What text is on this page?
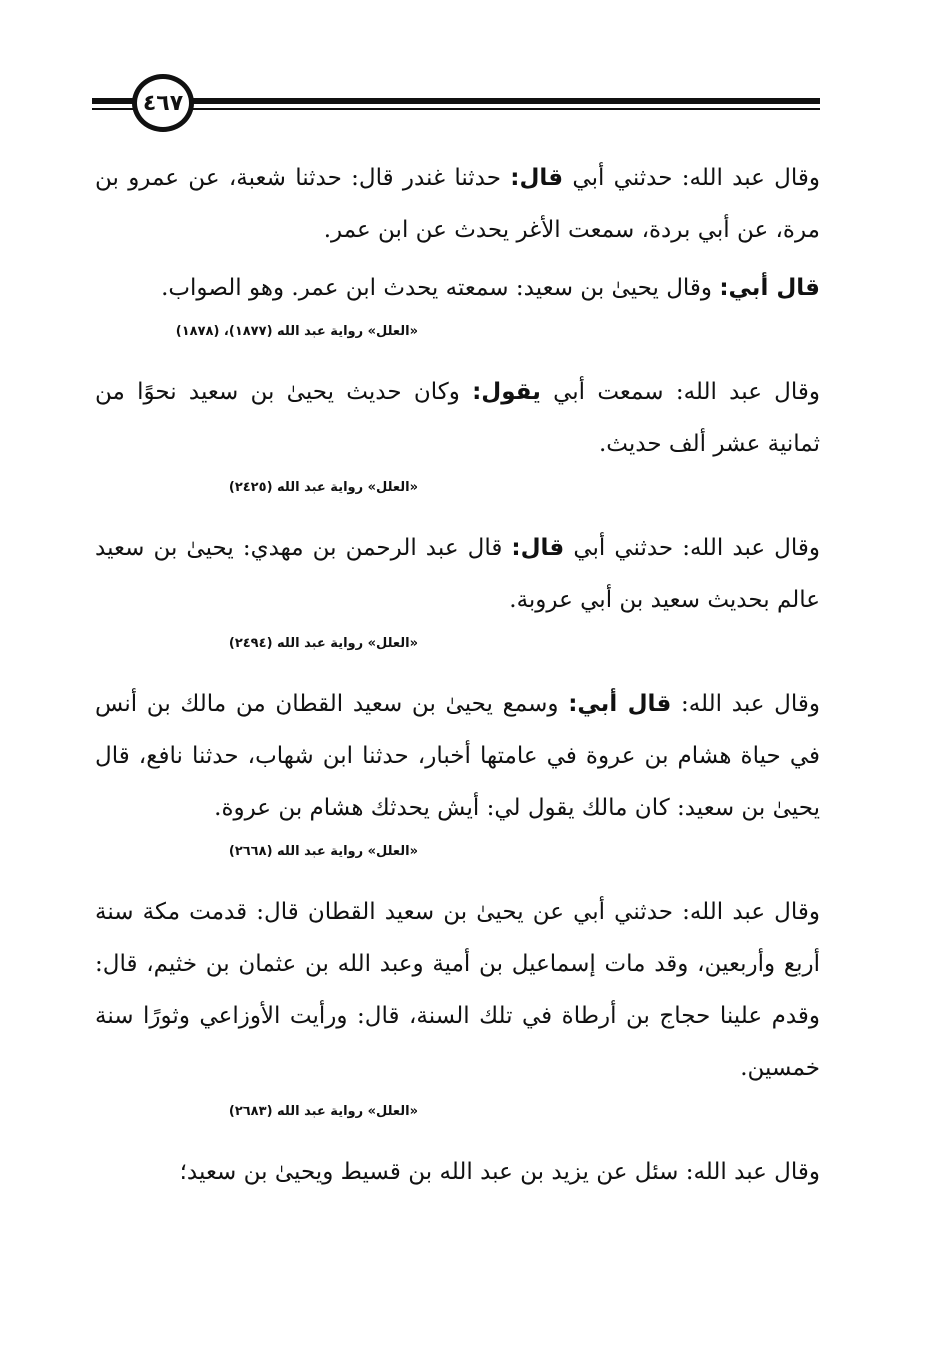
٤٦٧

وقال عبد الله: حدثني أبي قال: حدثنا غندر قال: حدثنا شعبة، عن عمرو بن مرة، عن أبي بردة، سمعت الأغر يحدث عن ابن عمر.

قال أبي: وقال يحيىٰ بن سعيد: سمعته يحدث ابن عمر. وهو الصواب.

«العلل» رواية عبد الله (١٨٧٧)، (١٨٧٨)

وقال عبد الله: سمعت أبي يقول: وكان حديث يحيىٰ بن سعيد نحوًا من ثمانية عشر ألف حديث.

«العلل» رواية عبد الله (٢٤٢٥)

وقال عبد الله: حدثني أبي قال: قال عبد الرحمن بن مهدي: يحيىٰ بن سعيد عالم بحديث سعيد بن أبي عروبة.

«العلل» رواية عبد الله (٢٤٩٤)

وقال عبد الله: قال أبي: وسمع يحيىٰ بن سعيد القطان من مالك بن أنس في حياة هشام بن عروة في عامتها أخبار، حدثنا ابن شهاب، حدثنا نافع، قال يحيىٰ بن سعيد: كان مالك يقول لي: أيش يحدثك هشام بن عروة.

«العلل» رواية عبد الله (٢٦٦٨)

وقال عبد الله: حدثني أبي عن يحيىٰ بن سعيد القطان قال: قدمت مكة سنة أربع وأربعين، وقد مات إسماعيل بن أمية وعبد الله بن عثمان بن خثيم، قال: وقدم علينا حجاج بن أرطاة في تلك السنة، قال: ورأيت الأوزاعي وثورًا سنة خمسين.

«العلل» رواية عبد الله (٢٦٨٣)

وقال عبد الله: سئل عن يزيد بن عبد الله بن قسيط ويحيىٰ بن سعيد؛
